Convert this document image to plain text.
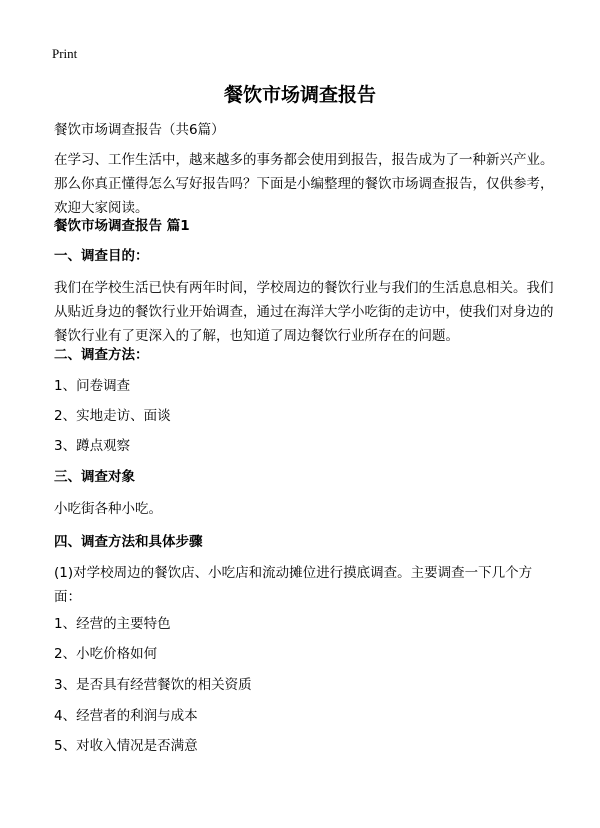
Print
餐饮市场调查报告

餐饮市场调查报告（共6篇）

在学习、工作生活中，越来越多的事务都会使用到报告，报告成为了一种新兴产业。那么你真正懂得怎么写好报告吗？下面是小编整理的餐饮市场调查报告，仅供参考，欢迎大家阅读。

餐饮市场调查报告 篇1

一、调查目的：

我们在学校生活已快有两年时间，学校周边的餐饮行业与我们的生活息息相关。我们从贴近身边的餐饮行业开始调查，通过在海洋大学小吃街的走访中，使我们对身边的餐饮行业有了更深入的了解，也知道了周边餐饮行业所存在的问题。

二、调查方法：

1、问卷调查

2、实地走访、面谈

3、蹲点观察

三、调查对象

小吃街各种小吃。

四、调查方法和具体步骤

(1)对学校周边的餐饮店、小吃店和流动摊位进行摸底调查。主要调查一下几个方面：

1、经营的主要特色

2、小吃价格如何

3、是否具有经营餐饮的相关资质

4、经营者的利润与成本

5、对收入情况是否满意
